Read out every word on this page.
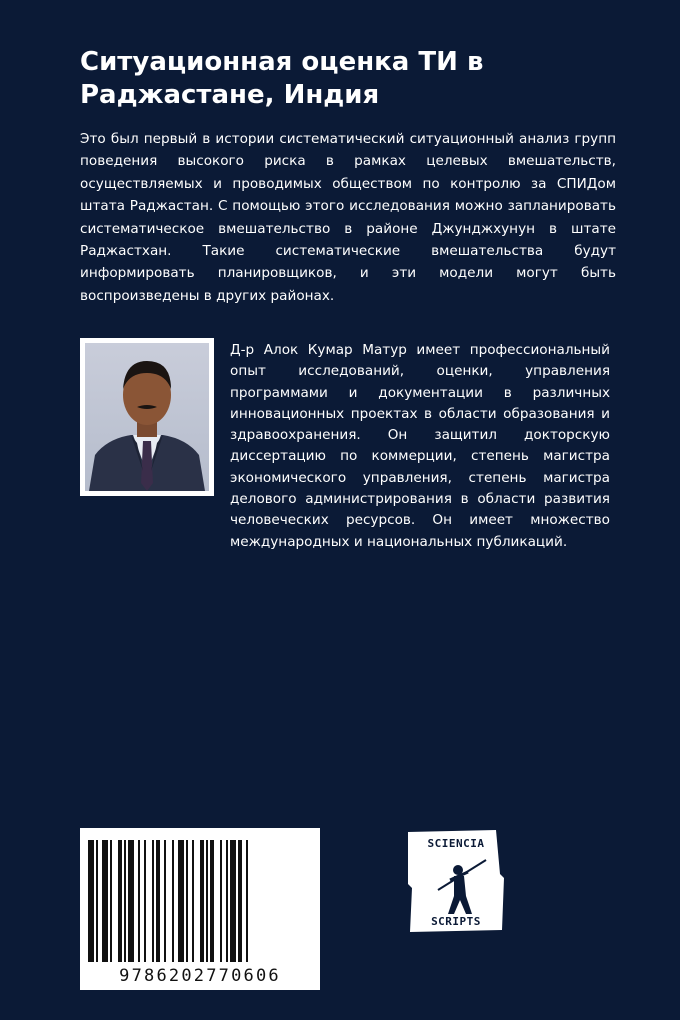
Ситуационная оценка ТИ в Раджастане, Индия

Это был первый в истории систематический ситуационный анализ групп поведения высокого риска в рамках целевых вмешательств, осуществляемых и проводимых обществом по контролю за СПИДом штата Раджастан. С помощью этого исследования можно запланировать систематическое вмешательство в районе Джунджхунун в штате Раджастхан. Такие систематические вмешательства будут информировать планировщиков, и эти модели могут быть воспроизведены в других районах.

Д-р Алок Кумар Матур имеет профессиональный опыт исследований, оценки, управления программами и документации в различных инновационных проектах в области образования и здравоохранения. Он защитил докторскую диссертацию по коммерции, степень магистра экономического управления, степень магистра делового администрирования в области развития человеческих ресурсов. Он имеет множество международных и национальных публикаций.

9786202770606
SCIENCIA
SCRIPTS
